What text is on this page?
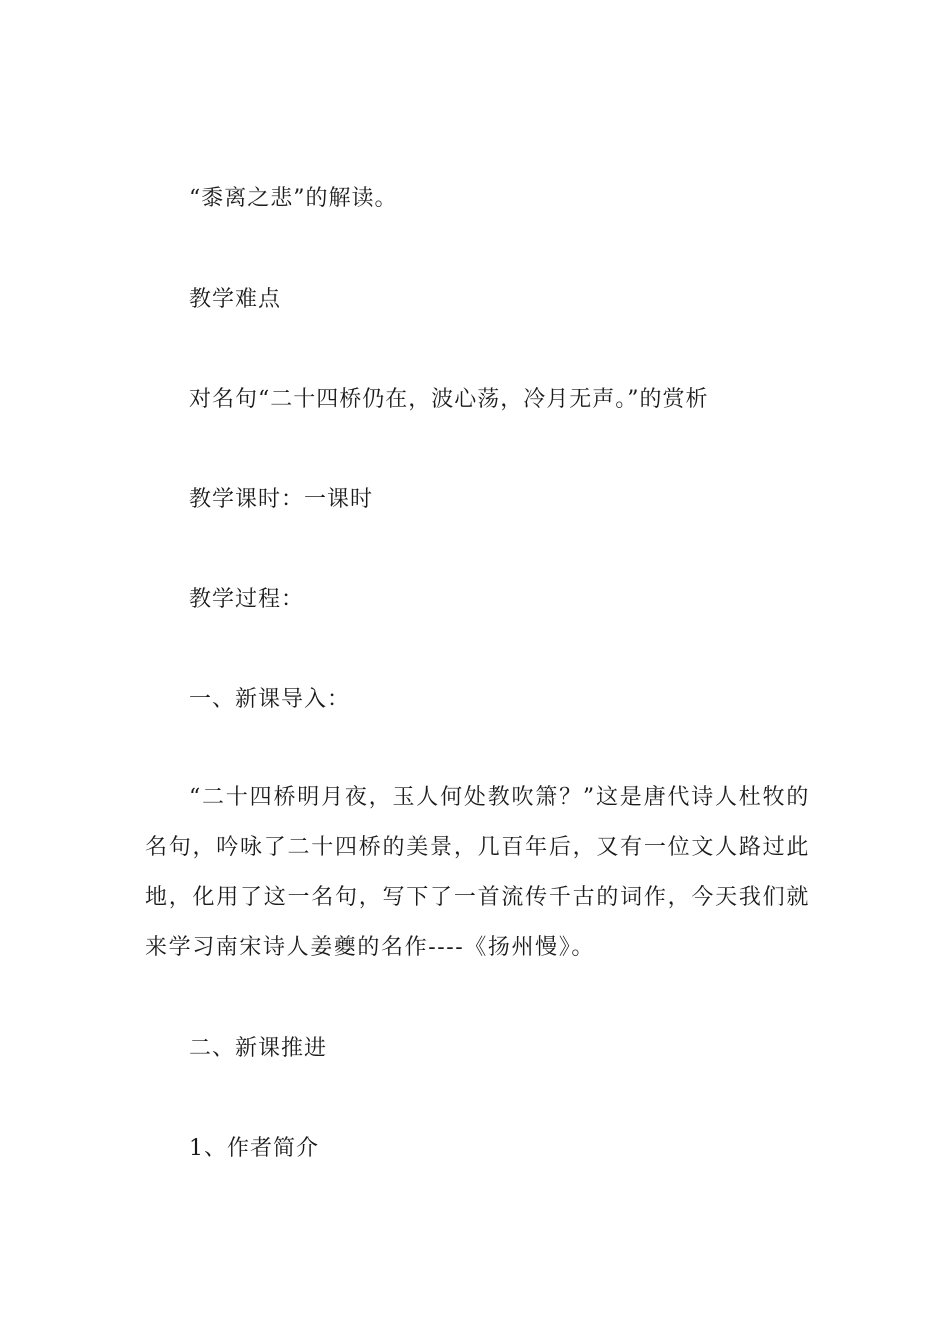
“黍离之悲”的解读。
教学难点
对名句“二十四桥仍在，波心荡，冷月无声。”的赏析
教学课时：一课时
教学过程：
一、新课导入：
“二十四桥明月夜，玉人何处教吹箫？”这是唐代诗人杜牧的名句，吟咏了二十四桥的美景，几百年后，又有一位文人路过此地，化用了这一名句，写下了一首流传千古的词作，今天我们就来学习南宋诗人姜夔的名作----《扬州慢》。
二、新课推进
1、作者简介
